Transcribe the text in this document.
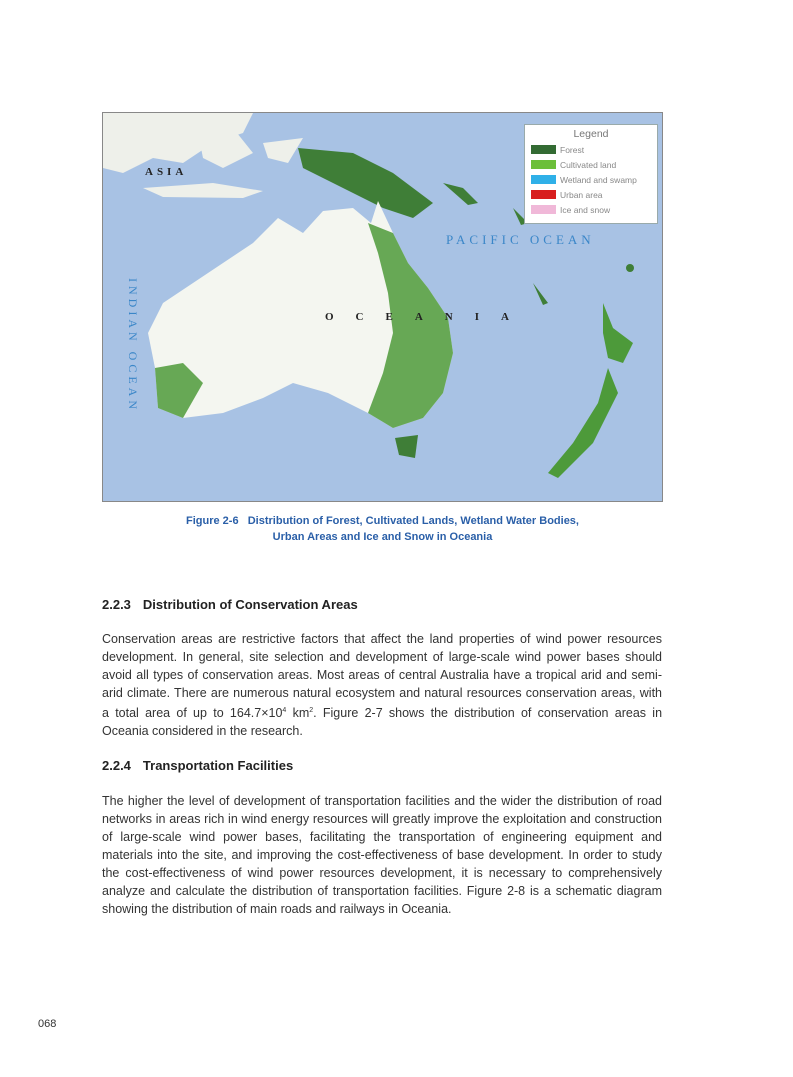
ASIA
PACIFIC OCEAN
OCEANIA
INDIAN OCEAN
Legend
Forest
Cultivated land
Wetland and swamp
Urban area
Ice and snow
Figure 2-6   Distribution of Forest, Cultivated Lands, Wetland Water Bodies,
Urban Areas and Ice and Snow in Oceania
2.2.3 Distribution of Conservation Areas

Conservation areas are restrictive factors that affect the land properties of wind power resources development. In general, site selection and development of large-scale wind power bases should avoid all types of conservation areas. Most areas of central Australia have a tropical arid and semi-arid climate. There are numerous natural ecosystem and natural resources conservation areas, with a total area of up to $164.7\times 10^4$ $km^2$. Figure 2-7 shows the distribution of conservation areas in Oceania considered in the research.

2.2.4 Transportation Facilities

The higher the level of development of transportation facilities and the wider the distribution of road networks in areas rich in wind energy resources will greatly improve the exploitation and construction of large-scale wind power bases, facilitating the transportation of engineering equipment and materials into the site, and improving the cost-effectiveness of base development. In order to study the cost-effectiveness of wind power resources development, it is necessary to comprehensively analyze and calculate the distribution of transportation facilities. Figure 2-8 is a schematic diagram showing the distribution of main roads and railways in Oceania.

068
